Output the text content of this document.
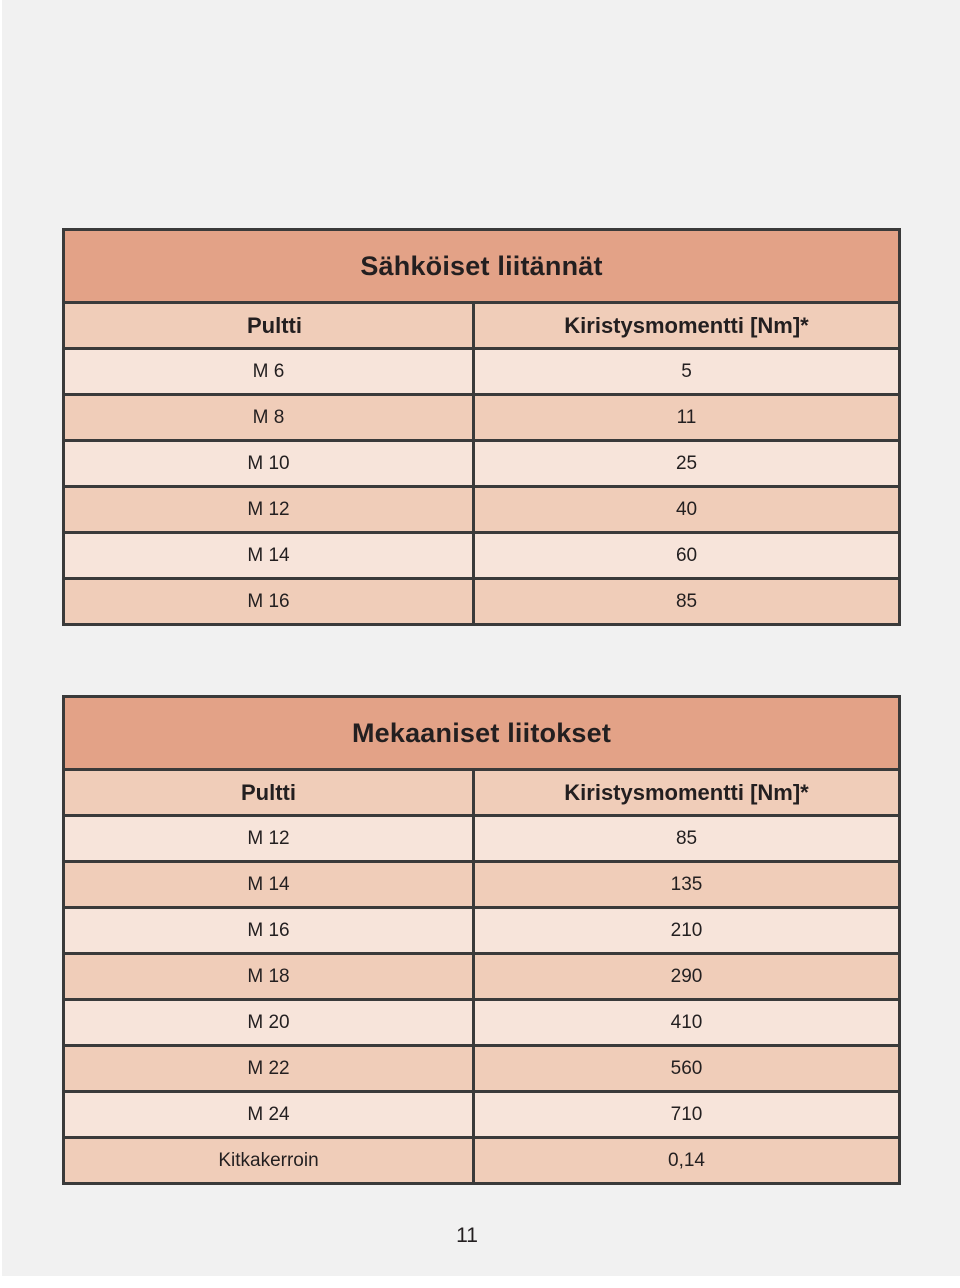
Sähköiset liitännät	
Pultti	Kiristysmomentti [Nm]*
M 6	5
M 8	11
M 10	25
M 12	40
M 14	60
M 16	85
Mekaaniset liitokset	
Pultti	Kiristysmomentti [Nm]*
M 12	85
M 14	135
M 16	210
M 18	290
M 20	410
M 22	560
M 24	710
Kitkakerroin	0,14
11
